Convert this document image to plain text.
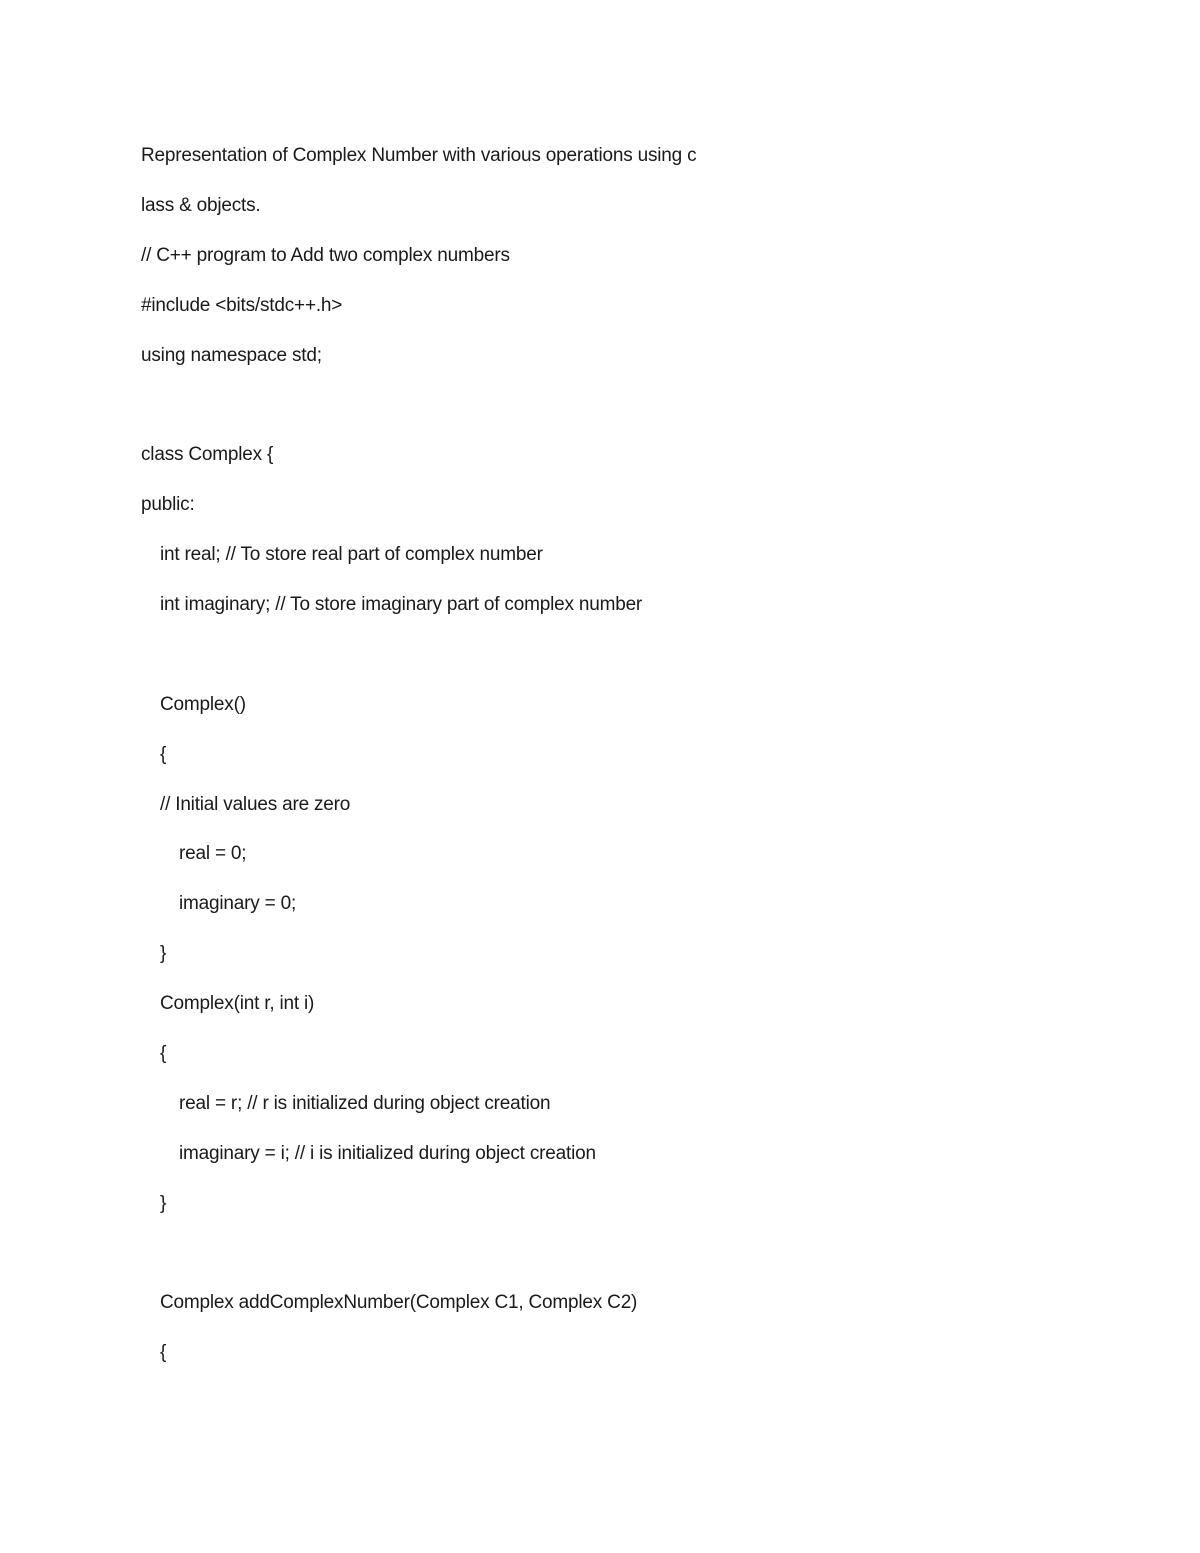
Representation of Complex Number with various operations using c
lass & objects.
// C++ program to Add two complex numbers
#include <bits/stdc++.h>
using namespace std;
class Complex {
public:
int real; // To store real part of complex number
int imaginary; // To store imaginary part of complex number
Complex()
{
// Initial values are zero
real = 0;
imaginary = 0;
}
Complex(int r, int i)
{
real = r; // r is initialized during object creation
imaginary = i; // i is initialized during object creation
}
Complex addComplexNumber(Complex C1, Complex C2)
{
